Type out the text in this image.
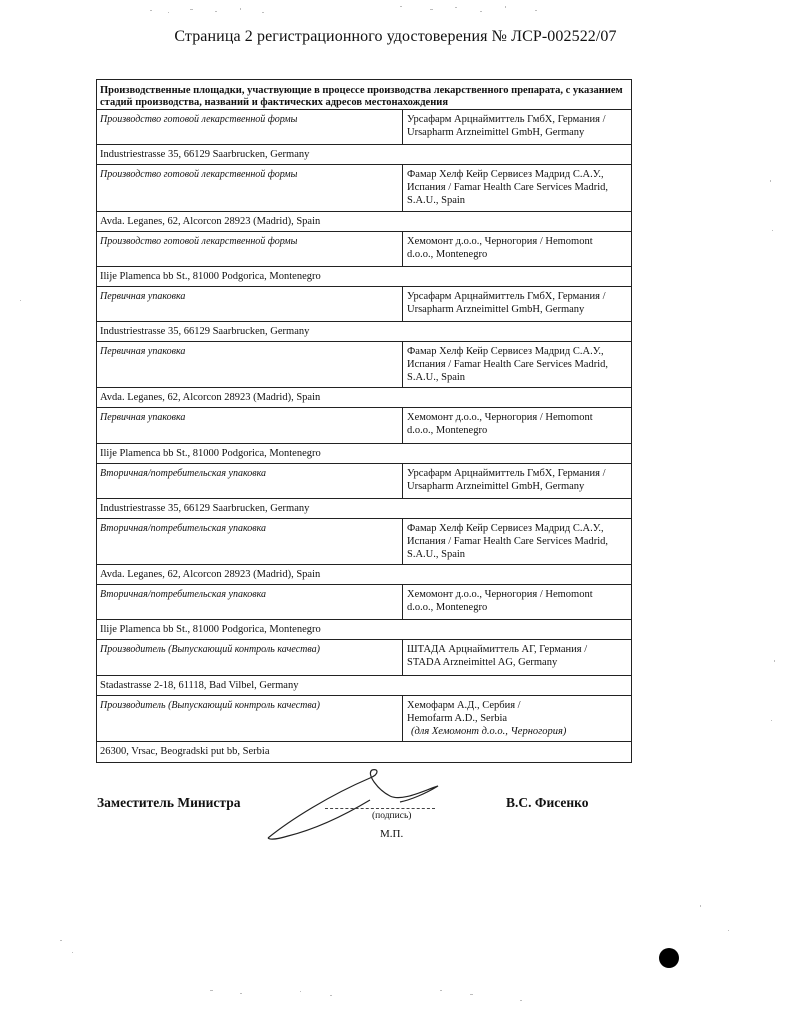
Страница 2 регистрационного удостоверения № ЛСР-002522/07
Производственные площадки, участвующие в процессе производства лекарственного препарата, с указанием стадий производства, названий и фактических адресов местонахождения
Производство готовой лекарственной формы	Урсафарм Арцнаймиттель ГмбХ, Германия /
Ursapharm Arzneimittel GmbH, Germany
Industriestrasse 35, 66129 Saarbrucken, Germany
Производство готовой лекарственной формы	Фамар Хелф Кейр Сервисез Мадрид С.А.У.,
Испания / Famar Health Care Services Madrid,
S.A.U., Spain
Avda. Leganes, 62, Alcorcon 28923 (Madrid), Spain
Производство готовой лекарственной формы	Хемомонт д.о.о., Черногория / Hemomont
d.o.o., Montenegro
Ilije Plamenca bb St., 81000 Podgorica, Montenegro
Первичная упаковка	Урсафарм Арцнаймиттель ГмбХ, Германия /
Ursapharm Arzneimittel GmbH, Germany
Industriestrasse 35, 66129 Saarbrucken, Germany
Первичная упаковка	Фамар Хелф Кейр Сервисез Мадрид С.А.У.,
Испания / Famar Health Care Services Madrid,
S.A.U., Spain
Avda. Leganes, 62, Alcorcon 28923 (Madrid), Spain
Первичная упаковка	Хемомонт д.о.о., Черногория / Hemomont
d.o.o., Montenegro
Ilije Plamenca bb St., 81000 Podgorica, Montenegro
Вторичная/потребительская упаковка	Урсафарм Арцнаймиттель ГмбХ, Германия /
Ursapharm Arzneimittel GmbH, Germany
Industriestrasse 35, 66129 Saarbrucken, Germany
Вторичная/потребительская упаковка	Фамар Хелф Кейр Сервисез Мадрид С.А.У.,
Испания / Famar Health Care Services Madrid,
S.A.U., Spain
Avda. Leganes, 62, Alcorcon 28923 (Madrid), Spain
Вторичная/потребительская упаковка	Хемомонт д.о.о., Черногория / Hemomont
d.o.o., Montenegro
Ilije Plamenca bb St., 81000 Podgorica, Montenegro
Производитель (Выпускающий контроль качества)	ШТАДА Арцнаймиттель АГ, Германия /
STADA Arzneimittel AG, Germany
Stadastrasse 2-18, 61118, Bad Vilbel, Germany
Производитель (Выпускающий контроль качества)	Хемофарм А.Д., Сербия /
Hemofarm A.D., Serbia
(для Хемомонт д.о.о., Черногория)
26300, Vrsac, Beogradski put bb, Serbia
Заместитель Министра
(подпись)
М.П.
В.С. Фисенко
